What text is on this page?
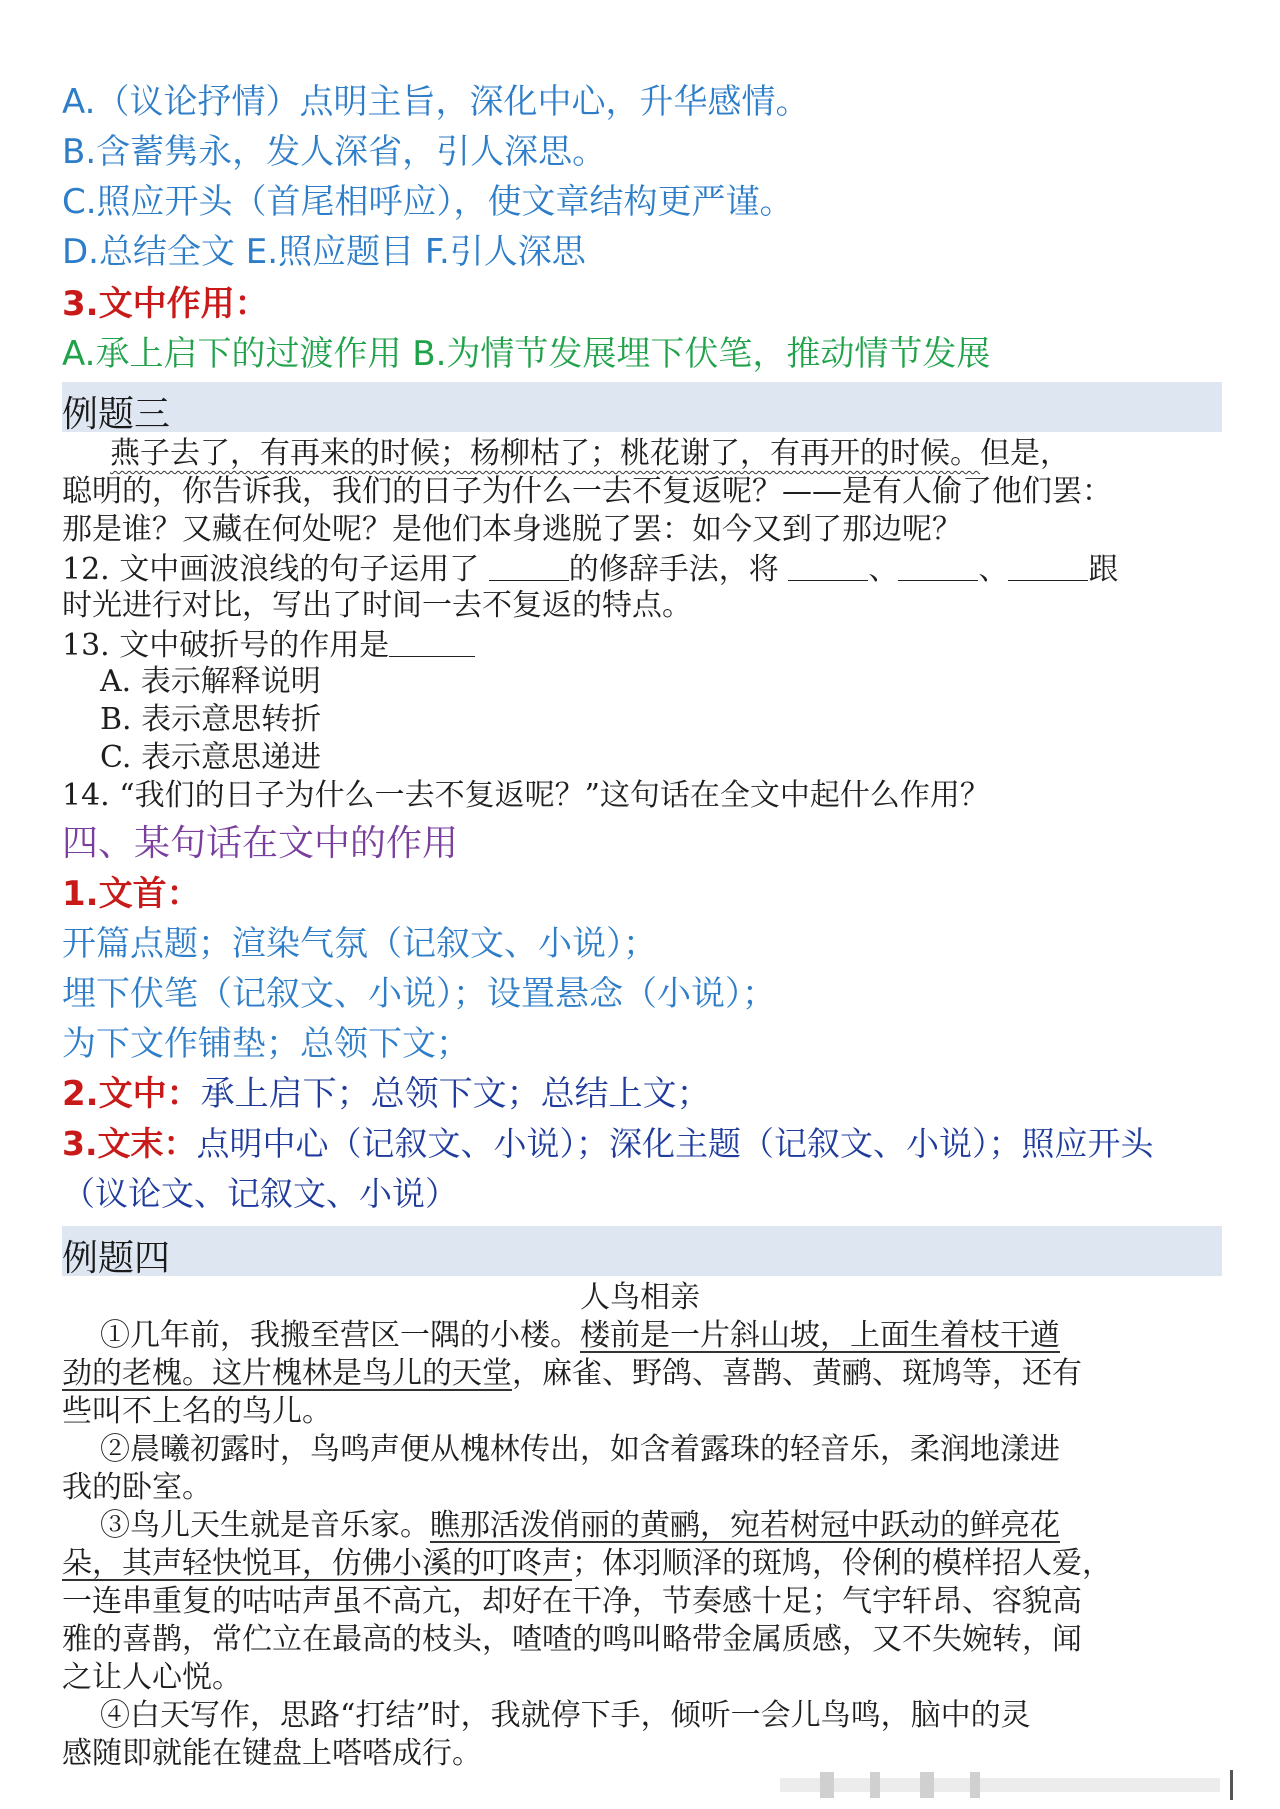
A.（议论抒情）点明主旨，深化中心，升华感情。
B.含蓄隽永，发人深省，引人深思。
C.照应开头（首尾相呼应），使文章结构更严谨。
D.总结全文 E.照应题目 F.引人深思
3.文中作用：
A.承上启下的过渡作用 B.为情节发展埋下伏笔，推动情节发展
例题三
燕子去了，有再来的时候；杨柳枯了；桃花谢了，有再开的时候。但是，
聪明的，你告诉我，我们的日子为什么一去不复返呢？——是有人偷了他们罢：
那是谁？又藏在何处呢？是他们本身逃脱了罢：如今又到了那边呢？
12. 文中画波浪线的句子运用了	的修辞手法，将	、	、	跟
时光进行对比，写出了时间一去不复返的特点。
13. 文中破折号的作用是
A. 表示解释说明
B. 表示意思转折
C. 表示意思递进
14. “我们的日子为什么一去不复返呢？”这句话在全文中起什么作用？
四、某句话在文中的作用
1.文首：
开篇点题；渲染气氛（记叙文、小说）；
埋下伏笔（记叙文、小说）；设置悬念（小说）；
为下文作铺垫；总领下文；
2.文中：承上启下；总领下文；总结上文；
3.文末：点明中心（记叙文、小说）；深化主题（记叙文、小说）；照应开头
（议论文、记叙文、小说）
例题四
人鸟相亲
①几年前，我搬至营区一隅的小楼。楼前是一片斜山坡，上面生着枝干遒
劲的老槐。这片槐林是鸟儿的天堂，麻雀、野鸽、喜鹊、黄鹂、斑鸠等，还有
些叫不上名的鸟儿。
②晨曦初露时，鸟鸣声便从槐林传出，如含着露珠的轻音乐，柔润地漾进
我的卧室。
③鸟儿天生就是音乐家。瞧那活泼俏丽的黄鹂，宛若树冠中跃动的鲜亮花
朵，其声轻快悦耳，仿佛小溪的叮咚声；体羽顺泽的斑鸠，伶俐的模样招人爱，
一连串重复的咕咕声虽不高亢，却好在干净，节奏感十足；气宇轩昂、容貌高
雅的喜鹊，常伫立在最高的枝头，喳喳的鸣叫略带金属质感，又不失婉转，闻
之让人心悦。
④白天写作，思路“打结”时，我就停下手，倾听一会儿鸟鸣，脑中的灵
感随即就能在键盘上嗒嗒成行。
